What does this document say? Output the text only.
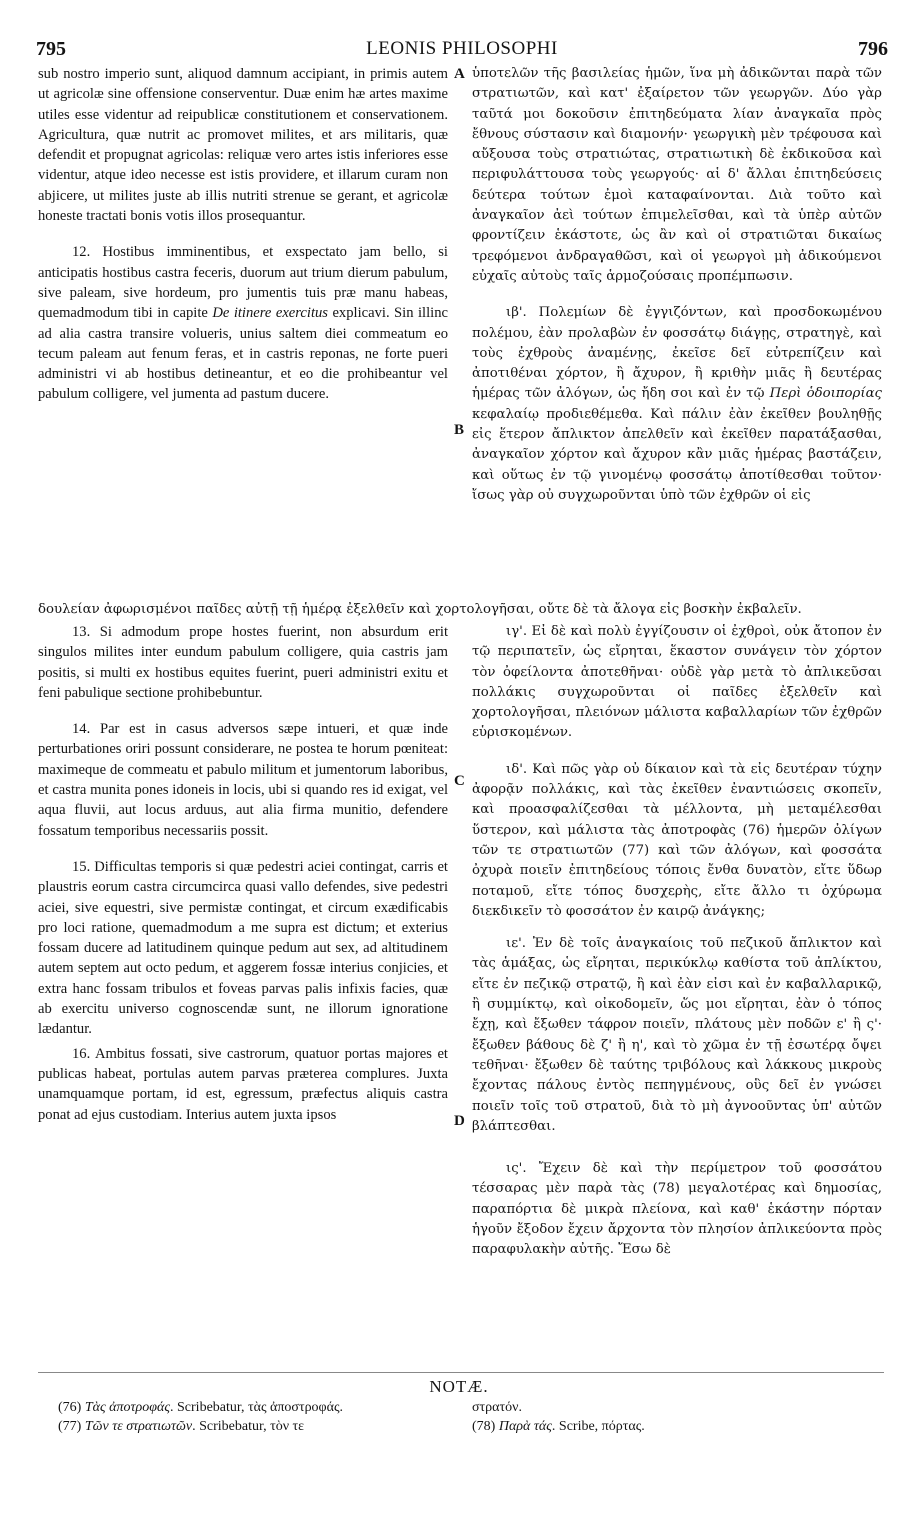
795	LEONIS PHILOSOPHI	796
A
B
C
D

sub nostro imperio sunt, aliquod damnum accipiant, in primis autem ut agricolæ sine offensione conserventur. Duæ enim hæ artes maxime utiles esse videntur ad reipublicæ constitutionem et conservationem. Agricultura, quæ nutrit ac promovet milites, et ars militaris, quæ defendit et propugnat agricolas: reliquæ vero artes istis inferiores esse videntur, atque ideo necesse est istis providere, et illarum curam non abjicere, ut milites juste ab illis nutriti strenue se gerant, et agricolæ honeste tractati bonis votis illos prosequantur.

12. Hostibus imminentibus, et exspectato jam bello, si anticipatis hostibus castra feceris, duorum aut trium dierum pabulum, sive paleam, sive hordeum, pro jumentis tuis præ manu habeas, quemadmodum tibi in capite De itinere exercitus explicavi. Sin illinc ad alia castra transire volueris, unius saltem diei commeatum eo tecum paleam aut fenum feras, et in castris reponas, ne forte pueri administri vi ab hostibus detineantur, et eo die prohibeantur vel pabulum colligere, vel jumenta ad pastum ducere.

ὑποτελῶν τῆς βασιλείας ἡμῶν, ἵνα μὴ ἀδικῶνται παρὰ τῶν στρατιωτῶν, καὶ κατ' ἐξαίρετον τῶν γεωργῶν. Δύο γὰρ ταῦτά μοι δοκοῦσιν ἐπιτηδεύματα λίαν ἀναγκαῖα πρὸς ἔθνους σύστασιν καὶ διαμονήν· γεωργικὴ μὲν τρέφουσα καὶ αὔξουσα τοὺς στρατιώτας, στρατιωτικὴ δὲ ἐκδικοῦσα καὶ περιφυλάττουσα τοὺς γεωργούς· αἱ δ' ἄλλαι ἐπιτηδεύσεις δεύτερα τούτων ἐμοὶ καταφαίνονται. Διὰ τοῦτο καὶ ἀναγκαῖον ἀεὶ τούτων ἐπιμελεῖσθαι, καὶ τὰ ὑπὲρ αὐτῶν φροντίζειν ἑκάστοτε, ὡς ἂν καὶ οἱ στρατιῶται δικαίως τρεφόμενοι ἀνδραγαθῶσι, καὶ οἱ γεωργοὶ μὴ ἀδικούμενοι εὐχαῖς αὐτοὺς ταῖς ἁρμοζούσαις προπέμπωσιν.

ιβ'. Πολεμίων δὲ ἐγγιζόντων, καὶ προσδοκωμένου πολέμου, ἐὰν προλαβὼν ἐν φοσσάτῳ διάγῃς, στρατηγὲ, καὶ τοὺς ἐχθροὺς ἀναμένῃς, ἐκεῖσε δεῖ εὐτρεπίζειν καὶ ἀποτιθέναι χόρτον, ἢ ἄχυρον, ἢ κριθὴν μιᾶς ἢ δευτέρας ἡμέρας τῶν ἀλόγων, ὡς ἤδη σοι καὶ ἐν τῷ Περὶ ὁδοιπορίας κεφαλαίῳ προδιεθέμεθα. Καὶ πάλιν ἐὰν ἐκεῖθεν βουληθῇς εἰς ἕτερον ἄπλικτον ἀπελθεῖν καὶ ἐκεῖθεν παρατάξασθαι, ἀναγκαῖον χόρτον καὶ ἄχυρον κἂν μιᾶς ἡμέρας βαστάζειν, καὶ οὕτως ἐν τῷ γινομένῳ φοσσάτῳ ἀποτίθεσθαι τοῦτον· ἴσως γὰρ οὐ συγχωροῦνται ὑπὸ τῶν ἐχθρῶν οἱ εἰς

δουλείαν ἀφωρισμένοι παῖδες αὐτῇ τῇ ἡμέρᾳ ἐξελθεῖν καὶ χορτολογῆσαι, οὔτε δὲ τὰ ἄλογα εἰς βοσκὴν ἐκβαλεῖν.

13. Si admodum prope hostes fuerint, non absurdum erit singulos milites inter eundum pabulum colligere, quia castris jam positis, si multi ex hostibus equites fuerint, pueri administri exitu et feni pabulique sectione prohibebuntur.

14. Par est in casus adversos sæpe intueri, et quæ inde perturbationes oriri possunt considerare, ne postea te horum pœniteat: maximeque de commeatu et pabulo militum et jumentorum laboribus, et castra munita pones idoneis in locis, ubi si quando res id exigat, vel aqua fluvii, aut locus arduus, aut alia firma munitio, defendere fossatum temporibus necessariis possit.

15. Difficultas temporis si quæ pedestri aciei contingat, carris et plaustris eorum castra circumcirca quasi vallo defendes, sive pedestri aciei, sive equestri, sive permistæ contingat, et circum exædificabis pro loci ratione, quemadmodum a me supra est dictum; et exterius fossam ducere ad latitudinem quinque pedum aut sex, ad altitudinem autem septem aut octo pedum, et aggerem fossæ interius conjicies, et extra hanc fossam tribulos et foveas parvas palis infixis facies, quæ ab exercitu universo cognoscendæ sunt, ne illorum ignoratione lædantur.

16. Ambitus fossati, sive castrorum, quatuor portas majores et publicas habeat, portulas autem parvas præterea complures. Juxta unamquamque portam, id est, egressum, præfectus aliquis castra ponat ad ejus custodiam. Interius autem juxta ipsos

ιγ'. Εἰ δὲ καὶ πολὺ ἐγγίζουσιν οἱ ἐχθροὶ, οὐκ ἄτοπον ἐν τῷ περιπατεῖν, ὡς εἴρηται, ἕκαστον συνάγειν τὸν χόρτον τὸν ὀφείλοντα ἀποτεθῆναι· οὐδὲ γὰρ μετὰ τὸ ἀπλικεῦσαι πολλάκις συγχωροῦνται οἱ παῖδες ἐξελθεῖν καὶ χορτολογῆσαι, πλειόνων μάλιστα καβαλλαρίων τῶν ἐχθρῶν εὑρισκομένων.

ιδ'. Καὶ πῶς γὰρ οὐ δίκαιον καὶ τὰ εἰς δευτέραν τύχην ἀφορᾷν πολλάκις, καὶ τὰς ἐκεῖθεν ἐναντιώσεις σκοπεῖν, καὶ προασφαλίζεσθαι τὰ μέλλοντα, μὴ μεταμέλεσθαι ὕστερον, καὶ μάλιστα τὰς ἀποτροφὰς (76) ἡμερῶν ὀλίγων τῶν τε στρατιωτῶν (77) καὶ τῶν ἀλόγων, καὶ φοσσάτα ὀχυρὰ ποιεῖν ἐπιτηδείους τόποις ἔνθα δυνατὸν, εἴτε ὕδωρ ποταμοῦ, εἴτε τόπος δυσχερὴς, εἴτε ἄλλο τι ὀχύρωμα διεκδικεῖν τὸ φοσσάτον ἐν καιρῷ ἀνάγκης;

ιε'. Ἐν δὲ τοῖς ἀναγκαίοις τοῦ πεζικοῦ ἄπλικτον καὶ τὰς ἁμάξας, ὡς εἴρηται, περικύκλῳ καθίστα τοῦ ἀπλίκτου, εἴτε ἐν πεζικῷ στρατῷ, ἢ καὶ ἐὰν εἰσι καὶ ἐν καβαλλαρικῷ, ἢ συμμίκτῳ, καὶ οἰκοδομεῖν, ὥς μοι εἴρηται, ἐὰν ὁ τόπος ἔχῃ, καὶ ἔξωθεν τάφρον ποιεῖν, πλάτους μὲν ποδῶν ε' ἢ ς'· ἔξωθεν βάθους δὲ ζ' ἢ η', καὶ τὸ χῶμα ἐν τῇ ἐσωτέρᾳ ὄψει τεθῆναι· ἔξωθεν δὲ ταύτης τριβόλους καὶ λάκκους μικροὺς ἔχοντας πάλους ἐντὸς πεπηγμένους, οὓς δεῖ ἐν γνώσει ποιεῖν τοῖς τοῦ στρατοῦ, διὰ τὸ μὴ ἀγνοοῦντας ὑπ' αὐτῶν βλάπτεσθαι.

ις'. Ἔχειν δὲ καὶ τὴν περίμετρον τοῦ φοσσάτου τέσσαρας μὲν παρὰ τὰς (78) μεγαλοτέρας καὶ δημοσίας, παραπόρτια δὲ μικρὰ πλείονα, καὶ καθ' ἑκάστην πόρταν ἡγοῦν ἔξοδον ἔχειν ἄρχοντα τὸν πλησίον ἀπλικεύοντα πρὸς παραφυλακὴν αὐτῆς. Ἔσω δὲ

NOTÆ.

(76) Τὰς ἀποτροφάς. Scribebatur, τὰς ἀποστροφάς.

(77) Τῶν τε στρατιωτῶν. Scribebatur, τὸν τε

στρατόν.

(78) Παρὰ τάς. Scribe, πόρτας.
